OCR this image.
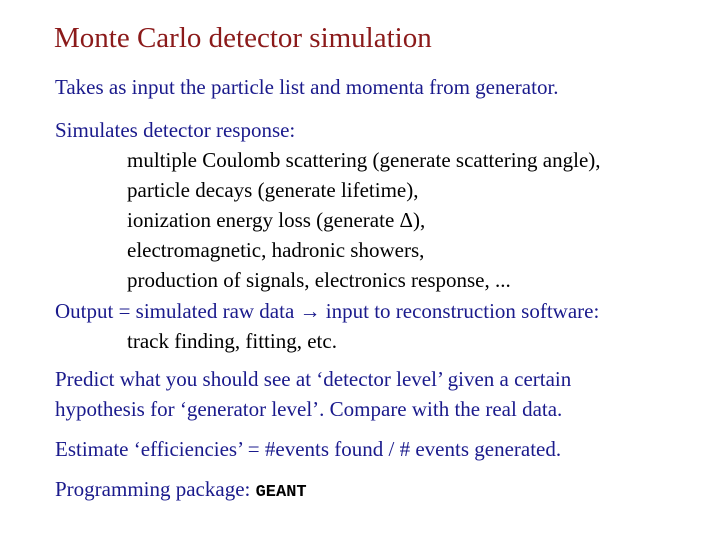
Monte Carlo detector simulation
Takes as input the particle list and momenta from generator.
Simulates detector response:
multiple Coulomb scattering (generate scattering angle),
particle decays (generate lifetime),
ionization energy loss (generate Δ),
electromagnetic, hadronic showers,
production of signals, electronics response, ...
Output = simulated raw data → input to reconstruction software:
track finding, fitting, etc.
Predict what you should see at ‘detector level’ given a certain
hypothesis for ‘generator level’. Compare with the real data.
Estimate ‘efficiencies’ = #events found / # events generated.
Programming package: GEANT
